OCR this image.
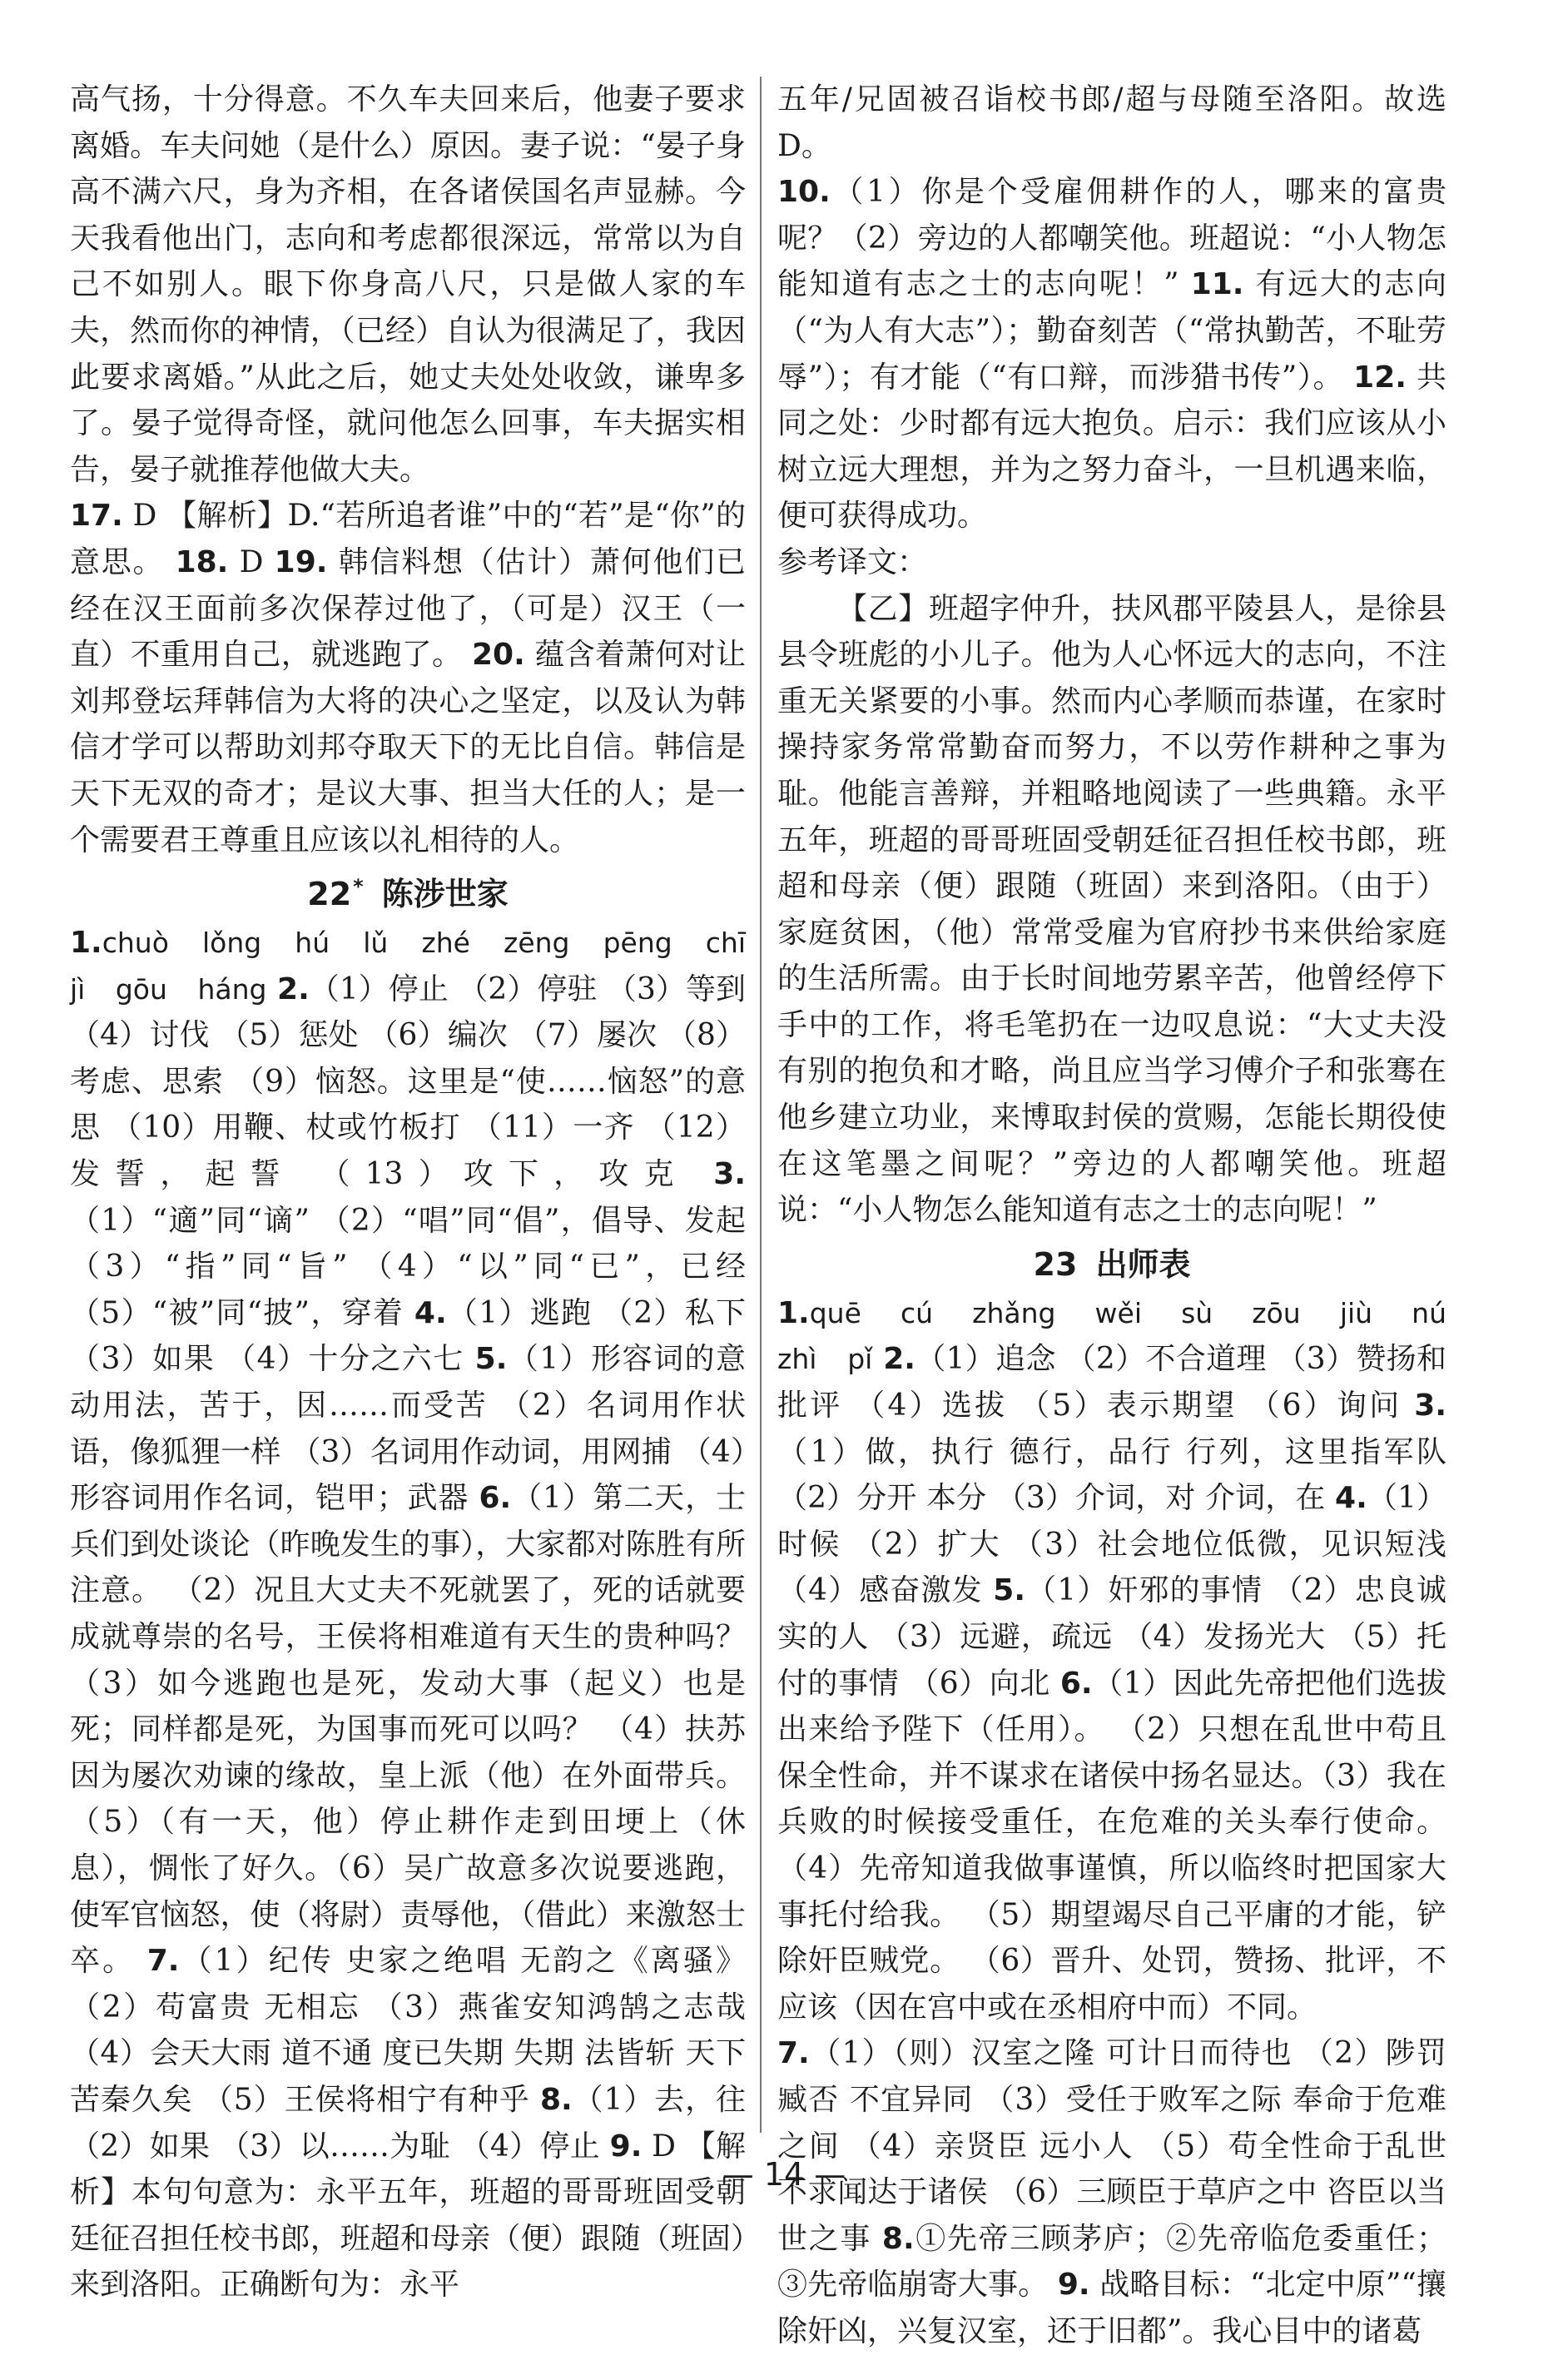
高气扬，十分得意。不久车夫回来后，他妻子要求离婚。车夫问她（是什么）原因。妻子说：“晏子身高不满六尺，身为齐相，在各诸侯国名声显赫。今天我看他出门，志向和考虑都很深远，常常以为自己不如别人。眼下你身高八尺，只是做人家的车夫，然而你的神情，（已经）自认为很满足了，我因此要求离婚。”从此之后，她丈夫处处收敛，谦卑多了。晏子觉得奇怪，就问他怎么回事，车夫据实相告，晏子就推荐他做大夫。

17. D 【解析】D.“若所追者谁”中的“若”是“你”的意思。 18. D 19. 韩信料想（估计）萧何他们已经在汉王面前多次保荐过他了，（可是）汉王（一直）不重用自己，就逃跑了。 20. 蕴含着萧何对让刘邦登坛拜韩信为大将的决心之坚定，以及认为韩信才学可以帮助刘邦夺取天下的无比自信。韩信是天下无双的奇才；是议大事、担当大任的人；是一个需要君王尊重且应该以礼相待的人。

22* 陈涉世家

1.chuò lǒng hú lǔ zhé zēng pēng chī jì gōu háng 2.（1）停止 （2）停驻 （3）等到 （4）讨伐 （5）惩处 （6）编次 （7）屡次 （8）考虑、思索 （9）恼怒。这里是“使……恼怒”的意思 （10）用鞭、杖或竹板打 （11）一齐 （12）发誓，起誓 （13）攻下，攻克 3.（1）“適”同“谪” （2）“唱”同“倡”，倡导、发起 （3）“指”同“旨” （4）“以”同“已”，已经 （5）“被”同“披”，穿着 4.（1）逃跑 （2）私下 （3）如果 （4）十分之六七 5.（1）形容词的意动用法，苦于，因……而受苦 （2）名词用作状语，像狐狸一样 （3）名词用作动词，用网捕 （4）形容词用作名词，铠甲；武器 6.（1）第二天，士兵们到处谈论（昨晚发生的事），大家都对陈胜有所注意。 （2）况且大丈夫不死就罢了，死的话就要成就尊崇的名号，王侯将相难道有天生的贵种吗？（3）如今逃跑也是死，发动大事（起义）也是死；同样都是死，为国事而死可以吗？ （4）扶苏因为屡次劝谏的缘故，皇上派（他）在外面带兵。 （5）（有一天，他）停止耕作走到田埂上（休息），惆怅了好久。（6）吴广故意多次说要逃跑，使军官恼怒，使（将尉）责辱他，（借此）来激怒士卒。 7.（1）纪传 史家之绝唱 无韵之《离骚》 （2）苟富贵 无相忘 （3）燕雀安知鸿鹄之志哉 （4）会天大雨 道不通 度已失期 失期 法皆斩 天下苦秦久矣 （5）王侯将相宁有种乎 8.（1）去，往 （2）如果 （3）以……为耻 （4）停止 9. D 【解析】本句句意为：永平五年，班超的哥哥班固受朝廷征召担任校书郎，班超和母亲（便）跟随（班固）来到洛阳。正确断句为：永平

五年/兄固被召诣校书郎/超与母随至洛阳。故选 D。

10.（1）你是个受雇佣耕作的人，哪来的富贵呢？（2）旁边的人都嘲笑他。班超说：“小人物怎能知道有志之士的志向呢！” 11. 有远大的志向（“为人有大志”）；勤奋刻苦（“常执勤苦，不耻劳辱”）；有才能（“有口辩，而涉猎书传”）。 12. 共同之处：少时都有远大抱负。启示：我们应该从小树立远大理想，并为之努力奋斗，一旦机遇来临，便可获得成功。

参考译文：

【乙】班超字仲升，扶风郡平陵县人，是徐县县令班彪的小儿子。他为人心怀远大的志向，不注重无关紧要的小事。然而内心孝顺而恭谨，在家时操持家务常常勤奋而努力，不以劳作耕种之事为耻。他能言善辩，并粗略地阅读了一些典籍。永平五年，班超的哥哥班固受朝廷征召担任校书郎，班超和母亲（便）跟随（班固）来到洛阳。（由于）家庭贫困，（他）常常受雇为官府抄书来供给家庭的生活所需。由于长时间地劳累辛苦，他曾经停下手中的工作，将毛笔扔在一边叹息说：“大丈夫没有别的抱负和才略，尚且应当学习傅介子和张骞在他乡建立功业，来博取封侯的赏赐，怎能长期役使在这笔墨之间呢？”旁边的人都嘲笑他。班超说：“小人物怎么能知道有志之士的志向呢！”

23 出师表

1.quē cú zhǎng wěi sù zōu jiù nú zhì pǐ 2.（1）追念 （2）不合道理 （3）赞扬和批评 （4）选拔 （5）表示期望 （6）询问 3.（1）做，执行 德行，品行 行列，这里指军队 （2）分开 本分 （3）介词，对 介词，在 4.（1）时候 （2）扩大 （3）社会地位低微，见识短浅 （4）感奋激发 5.（1）奸邪的事情 （2）忠良诚实的人 （3）远避，疏远 （4）发扬光大 （5）托付的事情 （6）向北 6.（1）因此先帝把他们选拔出来给予陛下（任用）。 （2）只想在乱世中苟且保全性命，并不谋求在诸侯中扬名显达。（3）我在兵败的时候接受重任，在危难的关头奉行使命。 （4）先帝知道我做事谨慎，所以临终时把国家大事托付给我。 （5）期望竭尽自己平庸的才能，铲除奸臣贼党。 （6）晋升、处罚，赞扬、批评，不应该（因在宫中或在丞相府中而）不同。

7.（1）（则）汉室之隆 可计日而待也 （2）陟罚臧否 不宜异同 （3）受任于败军之际 奉命于危难之间 （4）亲贤臣 远小人 （5）苟全性命于乱世 不求闻达于诸侯 （6）三顾臣于草庐之中 咨臣以当世之事 8.①先帝三顾茅庐；②先帝临危委重任；③先帝临崩寄大事。 9. 战略目标：“北定中原”“攘除奸凶，兴复汉室，还于旧都”。我心目中的诸葛

— 14 —
